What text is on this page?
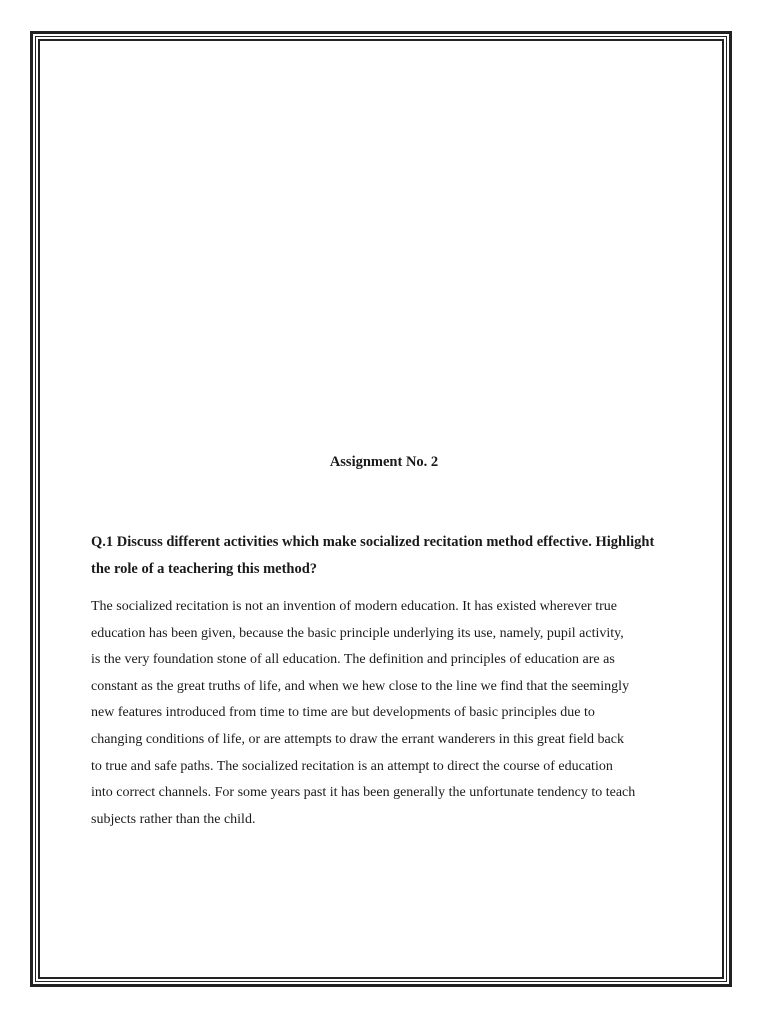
Assignment No. 2
Q.1 Discuss different activities which make socialized recitation method effective. Highlight
the role of a teachering this method?

The socialized recitation is not an invention of modern education. It has existed wherever true
education has been given, because the basic principle underlying its use, namely, pupil activity,
is the very foundation stone of all education. The definition and principles of education are as
constant as the great truths of life, and when we hew close to the line we find that the seemingly
new features introduced from time to time are but developments of basic principles due to
changing conditions of life, or are attempts to draw the errant wanderers in this great field back
to true and safe paths. The socialized recitation is an attempt to direct the course of education
into correct channels. For some years past it has been generally the unfortunate tendency to teach
subjects rather than the child.
